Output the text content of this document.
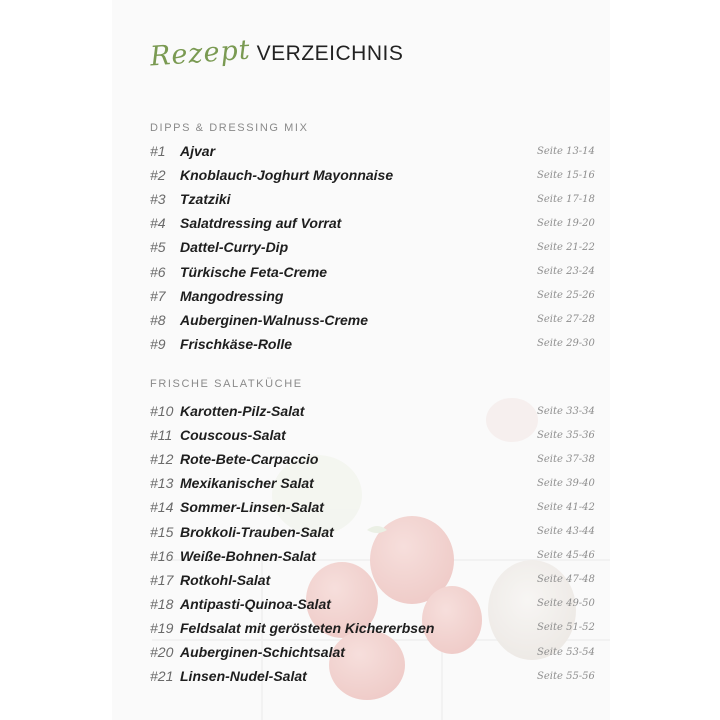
Rezept VERZEICHNIS
DIPPS & DRESSING MIX
#1	Ajvar	Seite 13-14
#2	Knoblauch-Joghurt Mayonnaise	Seite 15-16
#3	Tzatziki	Seite 17-18
#4	Salatdressing auf Vorrat	Seite 19-20
#5	Dattel-Curry-Dip	Seite 21-22
#6	Türkische Feta-Creme	Seite 23-24
#7	Mangodressing	Seite 25-26
#8	Auberginen-Walnuss-Creme	Seite 27-28
#9	Frischkäse-Rolle	Seite 29-30
FRISCHE SALATKÜCHE
#10 Karotten-Pilz-Salat	Seite 33-34
#11 Couscous-Salat	Seite 35-36
#12 Rote-Bete-Carpaccio	Seite 37-38
#13 Mexikanischer Salat	Seite 39-40
#14 Sommer-Linsen-Salat	Seite 41-42
#15 Brokkoli-Trauben-Salat	Seite 43-44
#16 Weiße-Bohnen-Salat	Seite 45-46
#17 Rotkohl-Salat	Seite 47-48
#18 Antipasti-Quinoa-Salat	Seite 49-50
#19 Feldsalat mit gerösteten Kichererbsen	Seite 51-52
#20 Auberginen-Schichtsalat	Seite 53-54
#21 Linsen-Nudel-Salat	Seite 55-56
